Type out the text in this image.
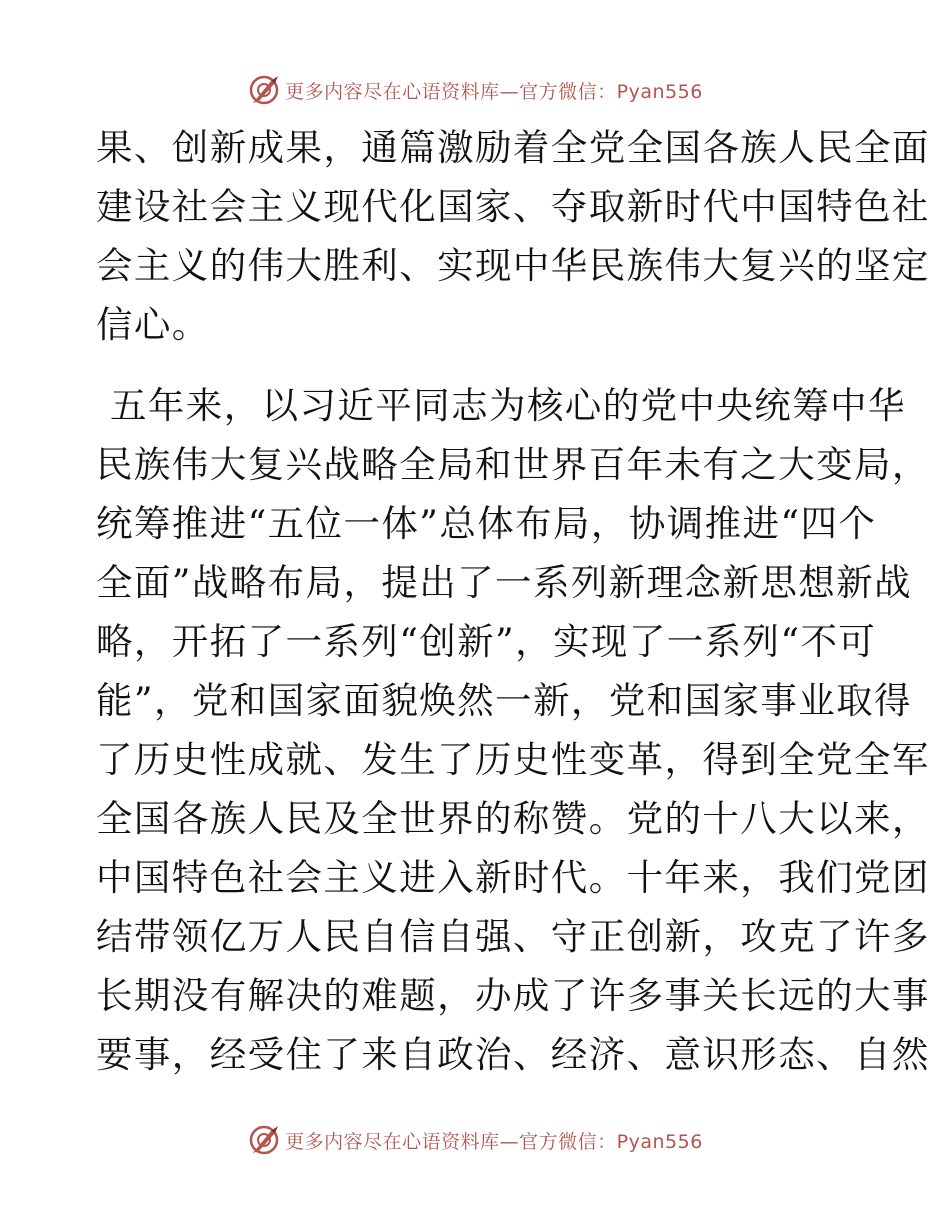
更多内容尽在心语资料库—官方微信：Pyan556
果、创新成果，通篇激励着全党全国各族人民全面
建设社会主义现代化国家、夺取新时代中国特色社
会主义的伟大胜利、实现中华民族伟大复兴的坚定
信心。
五年来，以习近平同志为核心的党中央统筹中华
民族伟大复兴战略全局和世界百年未有之大变局，
统筹推进“五位一体”总体布局，协调推进“四个
全面”战略布局，提出了一系列新理念新思想新战
略，开拓了一系列“创新”，实现了一系列“不可
能”，党和国家面貌焕然一新，党和国家事业取得
了历史性成就、发生了历史性变革，得到全党全军
全国各族人民及全世界的称赞。党的十八大以来，
中国特色社会主义进入新时代。十年来，我们党团
结带领亿万人民自信自强、守正创新，攻克了许多
长期没有解决的难题，办成了许多事关长远的大事
要事，经受住了来自政治、经济、意识形态、自然
更多内容尽在心语资料库—官方微信：Pyan556
